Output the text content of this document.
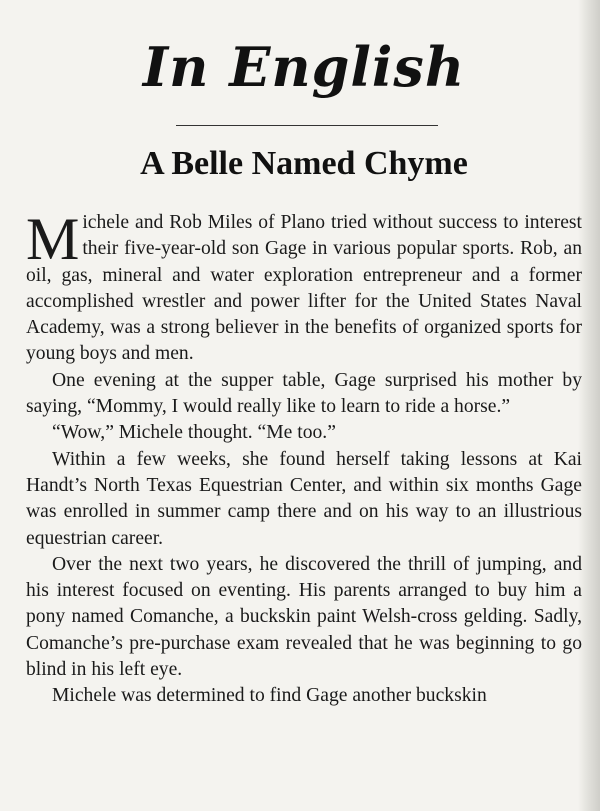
In English
A Belle Named Chyme

Michele and Rob Miles of Plano tried without success to interest their five-year-old son Gage in various popular sports. Rob, an oil, gas, mineral and water exploration entrepreneur and a former accomplished wrestler and power lifter for the United States Naval Academy, was a strong believer in the benefits of organized sports for young boys and men.

One evening at the supper table, Gage surprised his mother by saying, “Mommy, I would really like to learn to ride a horse.”

“Wow,” Michele thought. “Me too.”

Within a few weeks, she found herself taking lessons at Kai Handt’s North Texas Equestrian Center, and within six months Gage was enrolled in summer camp there and on his way to an illustrious equestrian career.

Over the next two years, he discovered the thrill of jumping, and his interest focused on eventing. His parents arranged to buy him a pony named Comanche, a buckskin paint Welsh-cross gelding. Sadly, Comanche’s pre-purchase exam revealed that he was beginning to go blind in his left eye.

Michele was determined to find Gage another buckskin
